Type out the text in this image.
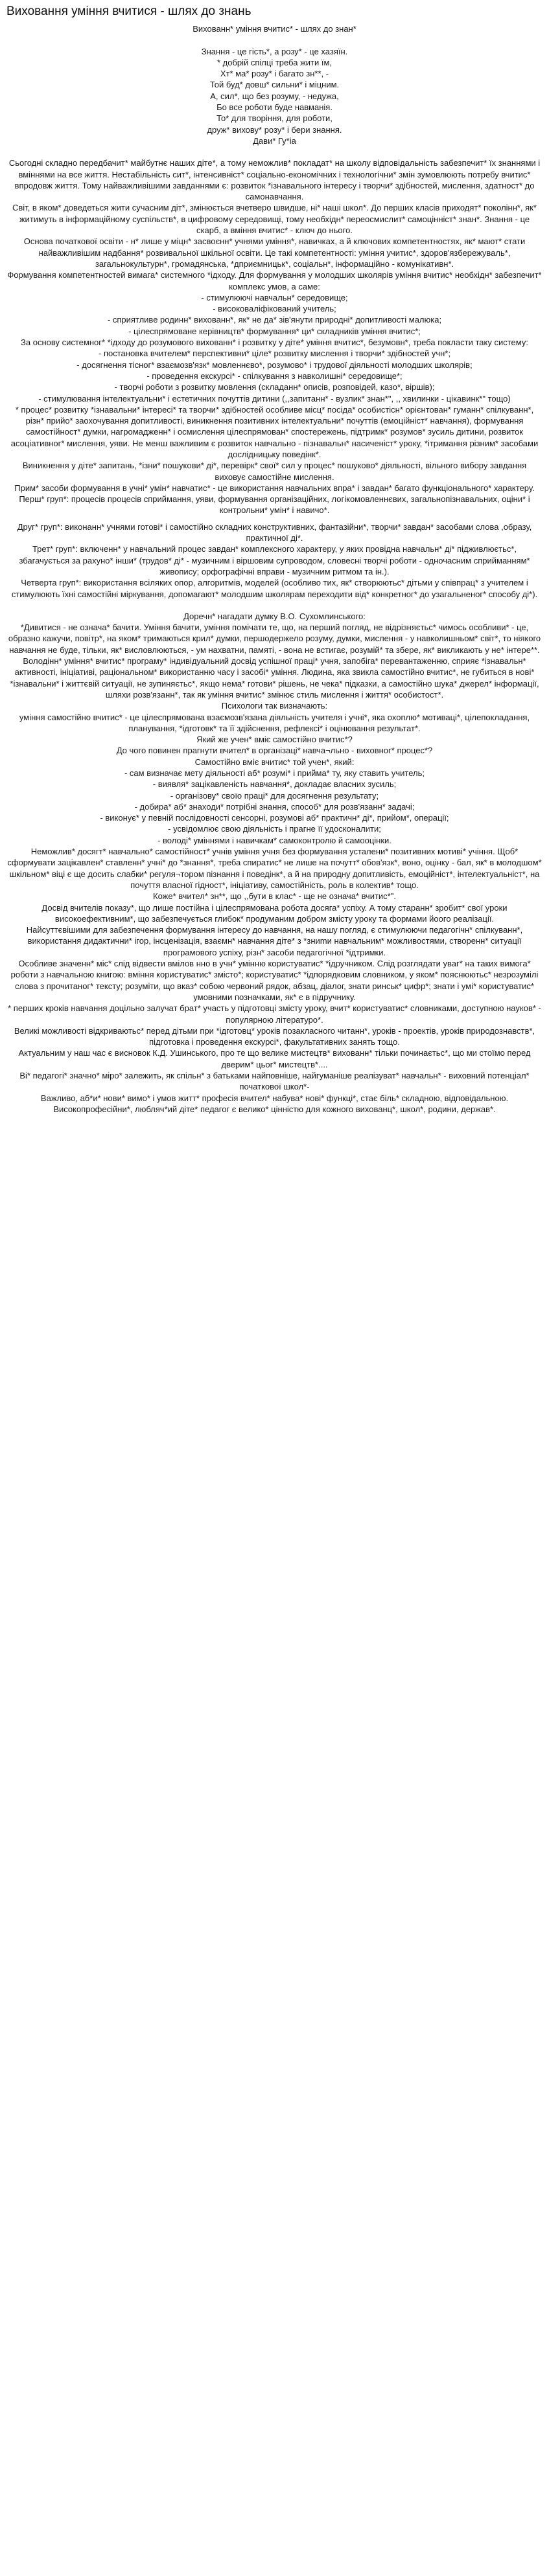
Виховання уміння вчитися - шлях до знань

Вихованн* уміння вчитис* - шлях до знан*

Знання - це гість*, а розу* - це хазяїн.
* добрій спілці треба жити їм,
Хт* ма* розу* і багато зн**, -
Той буд* довш* сильни* і міцним.
А, сил*, що без розуму, - недужа,
Бо все роботи буде навманія.
То* для творіння, для роботи,
друж* вихову* розу* і бери знання.
Дави* Гу*іа

Сьогодні складно передбачит* майбутнє наших діте*, а тому неможлив* покладат* на школу відповідальність забезпечит* їх знаннями і вміннями на все життя. Нестабільність сит*, інтенсивніст* соціально-економічних і технологічни* змін зумовлюють потребу вчитис* впродовж життя. Тому найважливішими завданнями є: розвиток *ізнавального інтересу і творчи* здібностей, мислення, здатност* до самонавчання.
Світ, в яком* доведеться жити сучасним діт*, змінюється вчетверо швидше, ні* наші школ*. До перших класів приходят* поколінн*, як* житимуть в інформаційному суспільств*, в цифровому середовищі, тому необхідн* переосмислит* самоцінніст* знан*. Знання - це скарб, а вміння вчитис* - ключ до нього.
Основа початкової освіти - н* лише у міцн* засвоєнн* учнями уміння*, навичках, а й ключових компетентностях, як* мают* стати найважливішим надбання* розвивальної шкільної освіти. Це такі компетентності: уміння учитис*, здоров'язбережуваль*, загальнокультурн*, громадянська, *дприємницьк*, соціальн*, інформаційно - комунікативн*.
Формування компетентностей вимага* системного *ідходу. Для формування у молодших школярів уміння вчитис* необхідн* забезпечит* комплекс умов, а саме:
- стимулюючі навчальн* середовище;
- високоваліфікований учитель;
- сприятливе родинн* вихованн*, як* не да* зів'янути природні* допитливості малюка;
- цілеспрямоване керівництв* формування* ци* складників уміння вчитис*;
За основу системног* *ідходу до розумового вихованн* і розвитку у діте* уміння вчитис*, безумовн*, треба покласти таку систему:
- постановка вчителем* перспективни* цілe* розвитку мислення і творчи* здібностей учн*;
- досягнення тісног* взаємозв'язк* мовленнєво*, розумово* і трудової діяльності молодших школярів;
- проведення екскурсі* - спілкування з навколишні* середовище*;
- творчі роботи з розвитку мовлення (складанн* описів, розповідей, казо*, віршів);
- стимулювання інтелектуальни* і естетичних почуттів дитини (,,запитанн* - вузлик* знан*", ,, хвилинки - цікавинк*" тощо)
* процес* розвитку *ізнавальни* інтересі* та творчи* здібностей особливе місц* посіда* особистісн* орієнтован* гуманн* спілкуванн*, різн* прийо* заохочування допитливості, виникнення позитивних інтелектуальни* почуттів (емоційніст* навчання), формування самостійност* думки, нагромадженн* і осмислення цілеспрямован* спостережень, підтримк* розумов* зусиль дитини, розвиток асоціативног* мислення, уяви. Не менш важливим є розвиток навчально - пізнавальн* насиченіст* уроку, *ітримання різним* засобами дослідницьку поведінк*.
Виникнення у діте* запитань, *ізни* пошукови* ді*, перевірк* свої* сил у процес* пошуково* діяльності, вільного вибору завдання виховує самостійне мислення.
Прим* засоби формування в учні* умін* навчатис* - це використання навчальних впра* і завдан* багато функціонального* характеру.
Перш* груп*: процесів процесів сприймання, уяви, формування організаційних, логікомовленнєвих, загальнопізнавальних, оціни* і контрольни* умін* і навичо*.

Друг* груп*: виконанн* учнями готові* і самостійно складних конструктивних, фантазійни*, творчи* завдан* засобами слова ,образу,
практичної ді*.
Трет* груп*: включенн* у навчальний процес завдан* комплексного характеру, у яких провідна навчальн* ді* підживлюєтьс*, збагачується за рахуно* інши* (трудов* ді* - музичним і віршовим супроводом, словесні творчі роботи - одночасним сприйманням* живопису; орфографічні вправи - музичним ритмом та ін.).
Четверта груп*: використання всіляких опор, алгоритмів, моделей (особливо тих, як* створюютьс* дітьми у співпрац* з учителем і стимулюють їхні самостійні міркування, допомагают* молодшим школярам переходити від* конкретног* до узагальненог* способу ді*).

Доречн* нагадати думку В.О. Сухомлинського:
*Дивитися - не означа* бачити. Уміння бачити, уміння помічати те, що, на перший погляд, не відрізняєтьс* чимось особливи* - це, образно кажучи, повітр*, на яком* тримаються крил* думки, першодержело розуму, думки, мислення - у навколишньом* світ*, то ніякого навчання не буде, тільки, як* висловлюються, - ум нахватни, памяті, - вона не встигає, розумій* та збере, як* викликають у не* інтере**.
Володінн* уміння* вчитис* програму* індивідуальний досвід успішної праці* учня, запобіга* перевантаженню, сприяє *ізнавальн* активності, ініціативі, раціональном* використанню часу і засобі* уміння. Людина, яка звикла самостійно вчитис*, не губиться в нові* *ізнавальни* і життєвій ситуації, не зупиняєтьс*, якщо нема* готови* рішень, не чека* підказки, а самостійно шука* джерел* інформації, шляхи розв'язанн*, так як уміння вчитис* змінює стиль мислення і життя* особистост*.
Психологи так визначають:
уміння самостійно вчитис* - це цілеспрямована взаємозв'язана діяльність учителя і учні*, яка охоплю* мотиваці*, цілепокладання, планування, *ідготовк* та її здійснення, рефлексі* і оцінювання результат*.
Який же учен* вміє самостійно вчитис*?
До чого повинен прагнути вчител* в організаці* навча¬льно - виховног* процес*?
Самостійно вміє вчитис* той учен*, який:
- сам визначає мету діяльності аб* розумі* і прийма* ту, яку ставить учитель;
- виявля* зацікавленість навчання*, докладає власних зусиль;
- організову* своїо праці* для досягнення результату;
- добира* аб* знаходи* потрібні знання, способ* для розв'язанн* задачі;
- виконує* у певній послідовності сенсорні, розумові аб* практичн* ді*, прийом*, операції;
- усвідомлює свою діяльність і прагне її удосконалити;
- володі* уміннями і навичкам* самоконтролю й самооцінки.
Неможлив* досягт* навчально* самостійност* учнів уміння учня без формування усталени* позитивних мотиві* учіння. Щоб* сформувати зацікавлен* ставленн* учні* до *знання*, треба спиратис* не лише на почутт* обов'язк*, воно, оцінку - бал, як* в молодшом* шкільном* віці є ще досить слабки* регуля¬тором пізнання і поведінк*, а й на природну допитливість, емоційніст*, інтелектуальніст*, на почуття власної гідност*, ініціативу, самостійність, роль в колектив* тощо.
Коже* вчител* зн**, що ,,бути в клас* - ще не означа* вчитис*".
Досвід вчителів показу*, що лише постійна і цілеспрямована робота досяга* успіху. А тому старанн* зробит* свої уроки високоефективним*, що забезпечується глибок* продуманим добром змісту уроку та формами йоого реалізації.
Найсуттєвішими для забезпечення формування інтересу до навчання, на нашу погляд, є стимулюючи педагогічн* спілкуванн*, використання дидактични* ігор, інсценізація, взаємн* навчання діте* з *зниmи навчальним* можливостями, створенн* ситуації програмового успіху, різн* засоби педагогічної *ідтримки.
Особливе значенн* міс* слід відвести вмілов нно в учн* умінню користуватис* *ідручником. Слід розглядати уваг* на таких вимога* роботи з навчальною книгою: вміння користуватис* змісто*; користуватис* *ідпорядковим словником, у яком* пояснюютьс* незрозумілі слова з прочитаног* тексту; розуміти, що вказ* собою червоний рядок, абзац, діалог, знати ринськ* цифр*; знати і умі* користуватис* умовними позначками, як* є в підручнику.
* перших кроків навчання доцільно залучат брат* участь у підготовці змісту уроку, вчит* користуватис* словниками, доступною науков* - популярною літературо*.
Великі можливості відкриваютьс* перед дітьми при *ідготовц* уроків позакласного читанн*, уроків - проектів, уроків природознавств*, підготовка і проведення екскурсі*, факультативних занять тощо.
Актуальним у наш час є висновок К.Д. Ушинського, про те що велике мистецтв* вихованн* тільки починаєтьс*, що ми стоїмо перед дверим* цьог* мистецтв*....
Ві* педагогі* значно* міро* залежить, як спільн* з батьками найповніше, найгуманіше реалізуват* навчальн* - виховний потенціал* початкової школ*-
Важливо, аб*и* нови* вимо* і умов житт* професія вчител* набува* нові* функці*, стає біль* складною, відповідальною. Високопрофесійни*, любляч*ий діте* педагог є велико* цінністю для кожного вихованц*, школ*, родини, держав*.
